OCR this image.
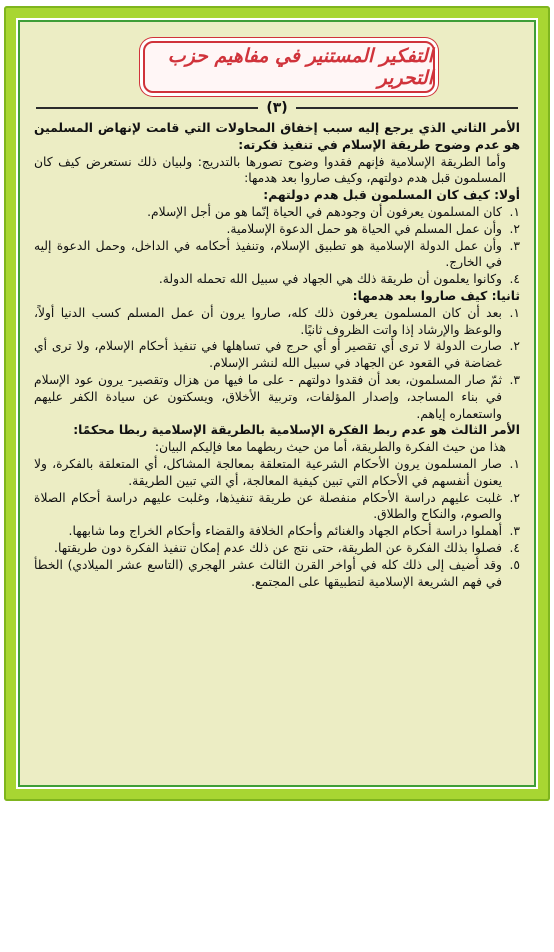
التفكير المستنير في مفاهيم حزب التحرير
(٣)

الأمر الثاني الذي يرجع إليه سبب إخفاق المحاولات التي قامت لإنهاض المسلمين هو عدم وضوح طريقة الإسلام في تنفيذ فكرته:

وأما الطريقة الإسلامية فإنهم فقدوا وضوح تصورها بالتدريج: ولبيان ذلك نستعرض كيف كان المسلمون قبل هدم دولتهم، وكيف صاروا بعد هدمها:

أولا: كيف كان المسلمون قبل هدم دولتهم:

١.
كان المسلمون يعرفون أن وجودهم في الحياة إنّما هو من أجل الإسلام.
٢.
وأن عمل المسلم في الحياة هو حمل الدعوة الإسلامية.
٣.
وأن عمل الدولة الإسلامية هو تطبيق الإسلام، وتنفيذ أحكامه في الداخل، وحمل الدعوة إليه في الخارج.
٤.
وكانوا يعلمون أن طريقة ذلك هي الجهاد في سبيل الله تحمله الدولة.

ثانيا: كيف صاروا بعد هدمها:

١.
بعد أن كان المسلمون يعرفون ذلك كله، صاروا يرون أن عمل المسلم كسب الدنيا أولاً، والوعظ والإرشاد إذا واتت الظروف ثانيًا.
٢.
صارت الدولة لا ترى أي تقصير أو أي حرج في تساهلها في تنفيذ أحكام الإسلام، ولا ترى أي غضاضة في القعود عن الجهاد في سبيل الله لنشر الإسلام.
٣.
ثمّ صار المسلمون، بعد أن فقدوا دولتهم - على ما فيها من هزال وتقصير- يرون عود الإسلام في بناء المساجد، وإصدار المؤلفات، وتربية الأخلاق، ويسكتون عن سيادة الكفر عليهم واستعماره إياهم.

الأمر الثالث هو عدم ربط الفكرة الإسلامية بالطريقة الإسلامية ربطا محكمًا:

هذا من حيث الفكرة والطريقة، أما من حيث ربطهما معا فإليكم البيان:

١.
صار المسلمون يرون الأحكام الشرعية المتعلقة بمعالجة المشاكل، أي المتعلقة بالفكرة، ولا يعنون أنفسهم في الأحكام التي تبين كيفية المعالجة، أي التي تبين الطريقة.
٢.
غلبت عليهم دراسة الأحكام منفصلة عن طريقة تنفيذها، وغلبت عليهم دراسة أحكام الصلاة والصوم، والنكاح والطلاق.
٣.
أهملوا دراسة أحكام الجهاد والغنائم وأحكام الخلافة والقضاء وأحكام الخراج وما شابهها.
٤.
فصلوا بذلك الفكرة عن الطريقة، حتى نتج عن ذلك عدم إمكان تنفيذ الفكرة دون طريقتها.
٥.
وقد أضيف إلى ذلك كله في أواخر القرن الثالث عشر الهجري (التاسع عشر الميلادي) الخطأ في فهم الشريعة الإسلامية لتطبيقها على المجتمع.
